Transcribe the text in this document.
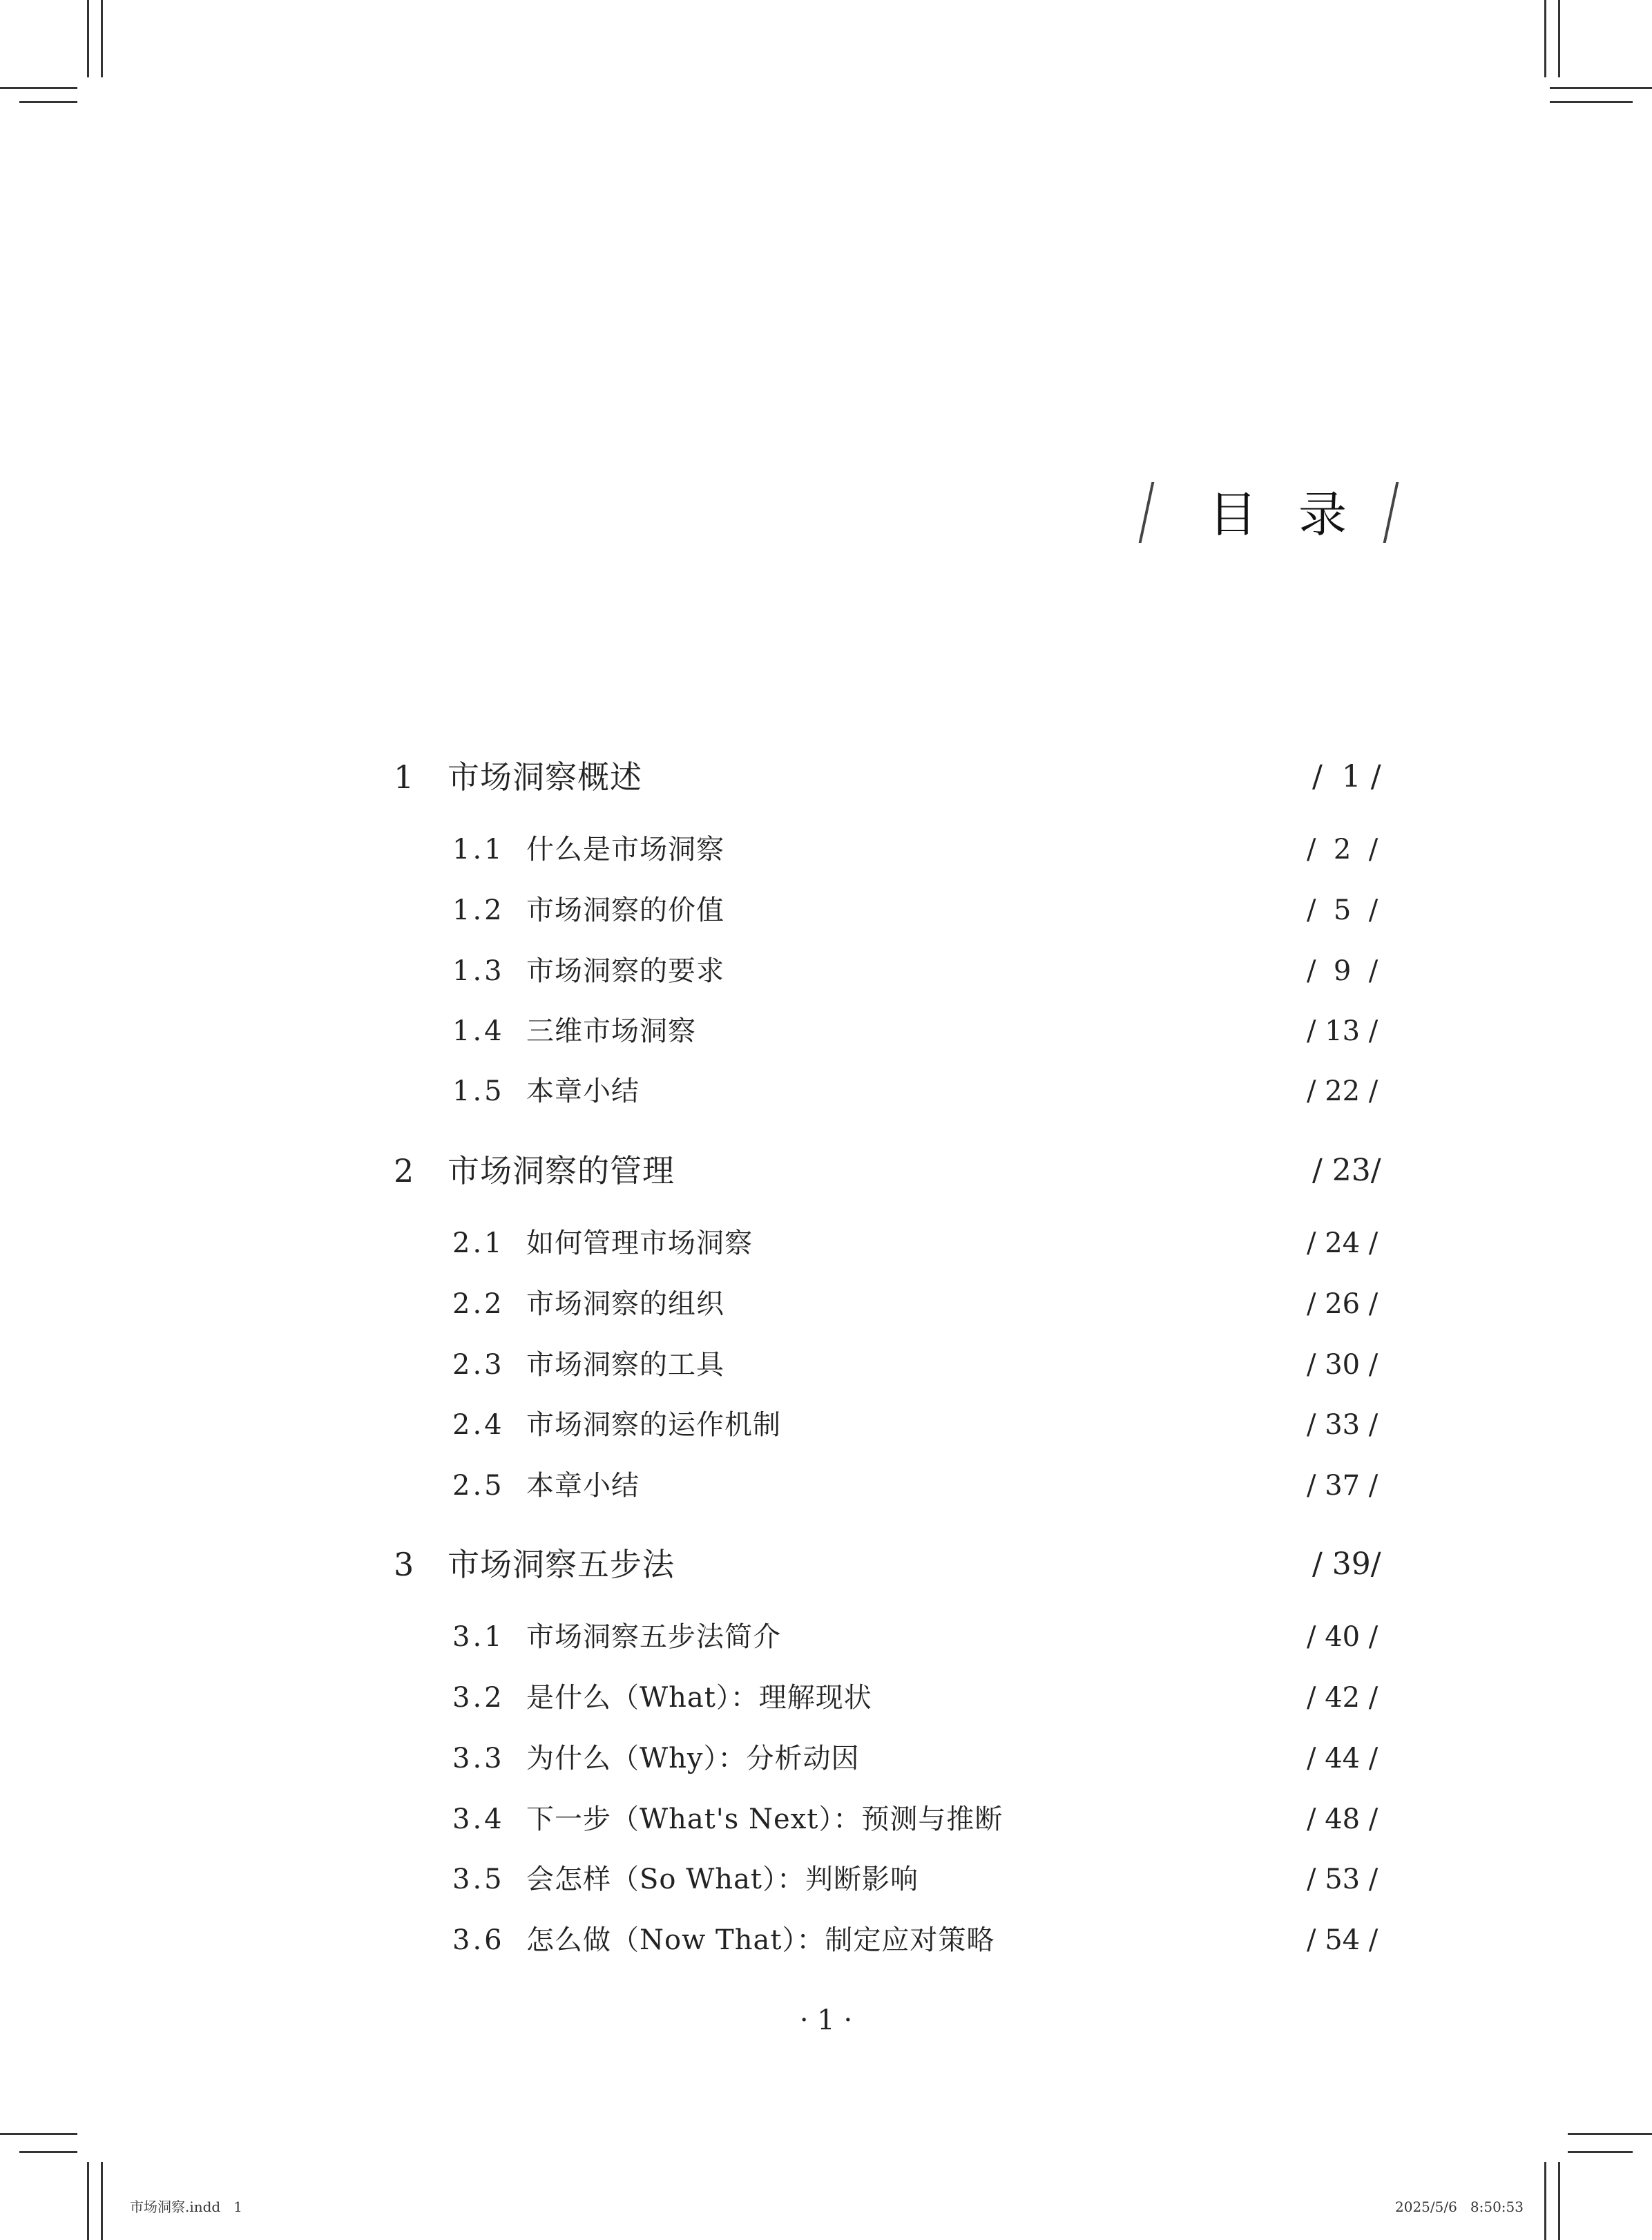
目录
1 市场洞察概述	/  1 /
1.1 什么是市场洞察	/  2  /
1.2 市场洞察的价值	/  5  /
1.3 市场洞察的要求	/  9  /
1.4 三维市场洞察	/ 13 /
1.5 本章小结	/ 22 /
2 市场洞察的管理	/ 23/
2.1 如何管理市场洞察	/ 24 /
2.2 市场洞察的组织	/ 26 /
2.3 市场洞察的工具	/ 30 /
2.4 市场洞察的运作机制	/ 33 /
2.5 本章小结	/ 37 /
3 市场洞察五步法	/ 39/
3.1 市场洞察五步法简介	/ 40 /
3.2 是什么（What）：理解现状	/ 42 /
3.3 为什么（Why）：分析动因	/ 44 /
3.4 下一步（What's Next）：预测与推断	/ 48 /
3.5 会怎样（So What）：判断影响	/ 53 /
3.6 怎么做（Now That）：制定应对策略	/ 54 /
· 1 ·
市场洞察.indd   1	2025/5/6   8:50:53
